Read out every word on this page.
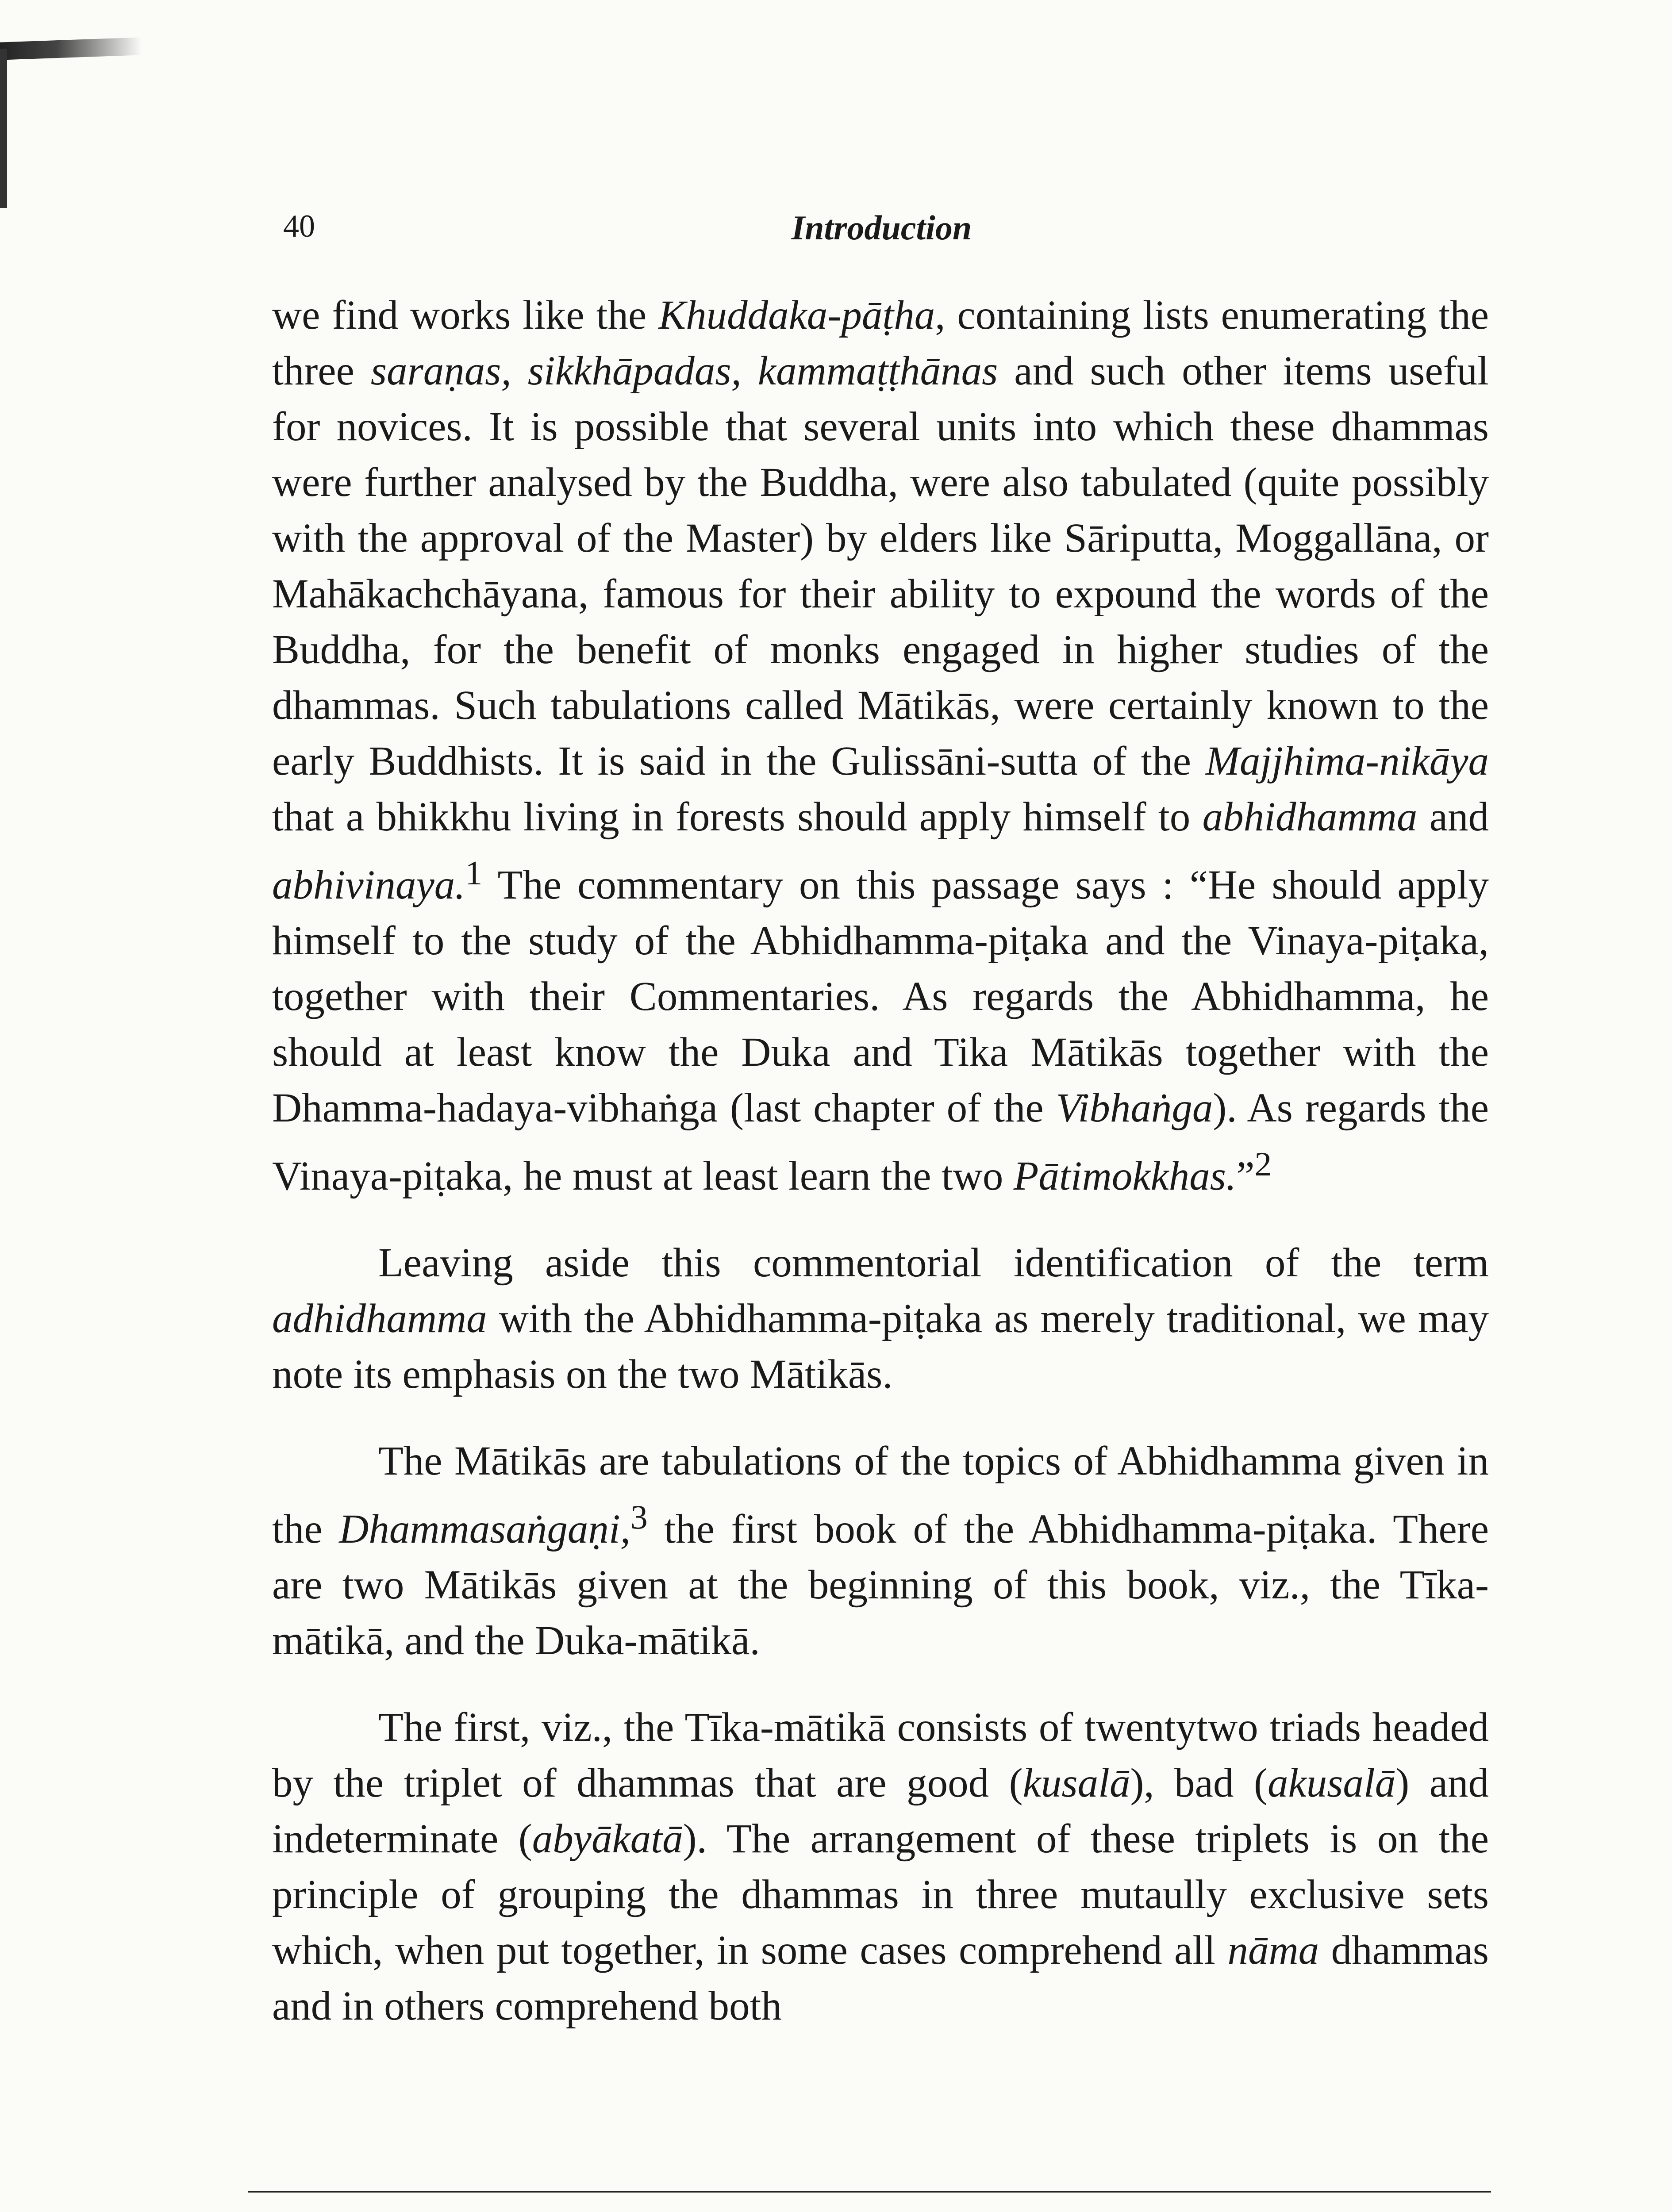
40	Introduction

we find works like the Khuddaka-pāṭha, containing lists enumerating the three saraṇas, sikkhāpadas, kammaṭṭhānas and such other items useful for novices. It is possible that several units into which these dhammas were further analysed by the Buddha, were also tabulated (quite possibly with the approval of the Master) by elders like Sāriputta, Moggallāna, or Mahākachchāyana, famous for their ability to expound the words of the Buddha, for the benefit of monks engaged in higher studies of the dhammas. Such tabulations called Mātikās, were certainly known to the early Buddhists. It is said in the Gulissāni-sutta of the Majjhima-nikāya that a bhikkhu living in forests should apply himself to abhidhamma and abhivinaya.$^1$ The commentary on this passage says : “He should apply himself to the study of the Abhidhamma-piṭaka and the Vinaya-piṭaka, together with their Commentaries. As regards the Abhidhamma, he should at least know the Duka and Tika Mātikās together with the Dhamma-hadaya-vibhaṅga (last chapter of the Vibhaṅga). As regards the Vinaya-piṭaka, he must at least learn the two Pātimokkhas.”$^2$

Leaving aside this commentorial identification of the term adhidhamma with the Abhidhamma-piṭaka as merely traditional, we may note its emphasis on the two Mātikās.

The Mātikās are tabulations of the topics of Abhidhamma given in the Dhammasaṅgaṇi,$^3$ the first book of the Abhidhamma-piṭaka. There are two Mātikās given at the beginning of this book, viz., the Tīka-mātikā, and the Duka-mātikā.

The first, viz., the Tīka-mātikā consists of twentytwo triads headed by the triplet of dhammas that are good (kusalā), bad (akusalā) and indeterminate (abyākatā). The arrangement of these triplets is on the principle of grouping the dhammas in three mutaully exclusive sets which, when put together, in some cases comprehend all nāma dhammas and in others comprehend both
